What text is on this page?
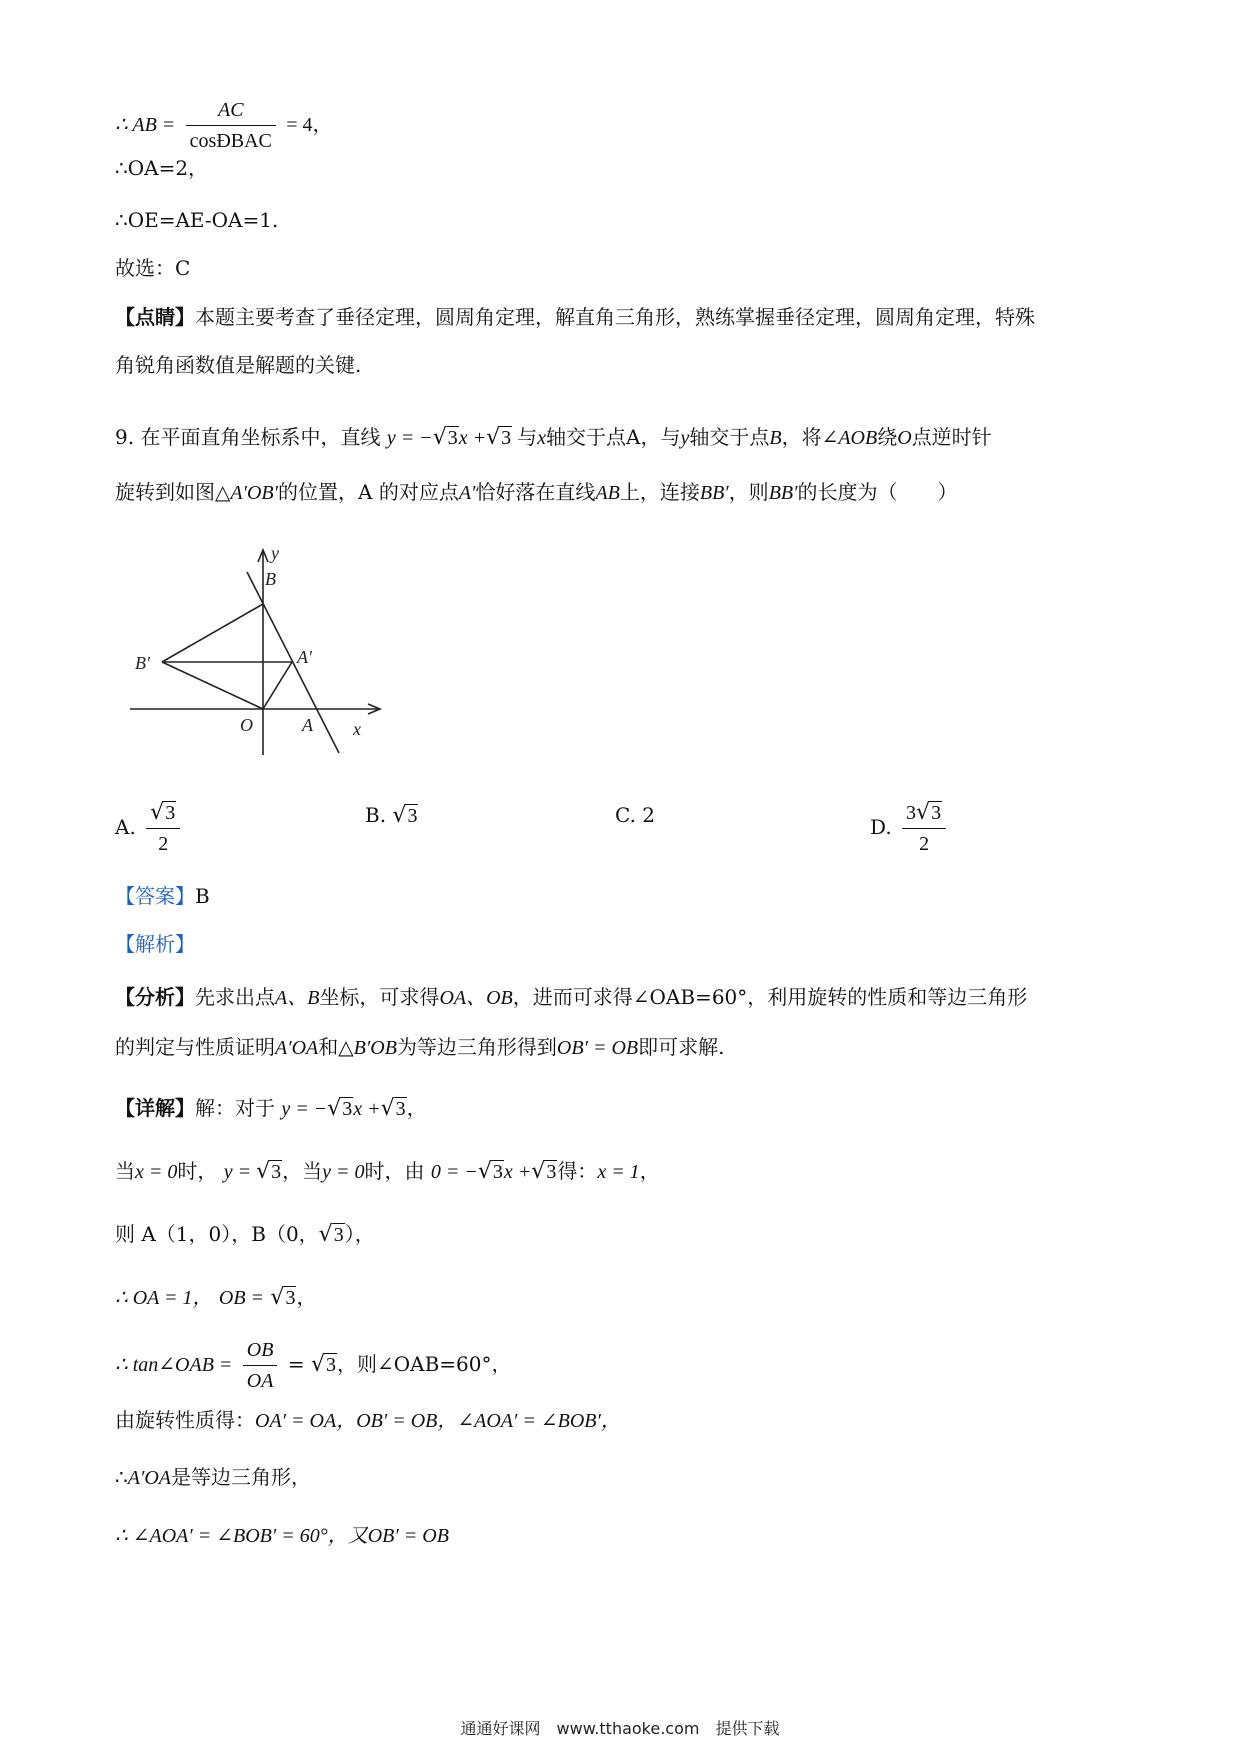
∴ AB = $\frac{AC}{\text{cosÐBAC}} = 4$，
∴OA=2，
∴OE=AE-OA=1.
故选：C
【点睛】本题主要考查了垂径定理，圆周角定理，解直角三角形，熟练掌握垂径定理，圆周角定理，特殊
角锐角函数值是解题的关键.
9. 在平面直角坐标系中，直线 y = −√3x +√3 与x轴交于点A，与y轴交于点B，将∠AOB绕O点逆时针
旋转到如图△A′OB′的位置，A 的对应点A′恰好落在直线AB上，连接BB′，则BB′的长度为（　　）
y
x
O	A
B
A′
B′
A. $\frac{√3}{2}$	B. √3	C. 2	D. $\frac{3√3}{2}$
【答案】B
【解析】
【分析】先求出点A、B坐标，可求得OA、OB，进而可求得∠OAB=60°，利用旋转的性质和等边三角形
的判定与性质证明A′OA和△B′OB为等边三角形得到OB′ = OB即可求解.
【详解】解：对于 y = −√3x +√3，
当x = 0时， y = √3，当y = 0时，由 0 = −√3x +√3得：x = 1，
则 A（1，0），B（0，√3），
∴ OA = 1， OB = √3，
∴ tan∠OAB = $\frac{OB}{OA} = √3$，则∠OAB=60°，
由旋转性质得：OA′ = OA，OB′ = OB，∠AOA′ = ∠BOB′，
∴A′OA是等边三角形，
∴ ∠AOA′ = ∠BOB′ = 60°，又OB′ = OB
通通好课网　www.tthaoke.com　提供下载
